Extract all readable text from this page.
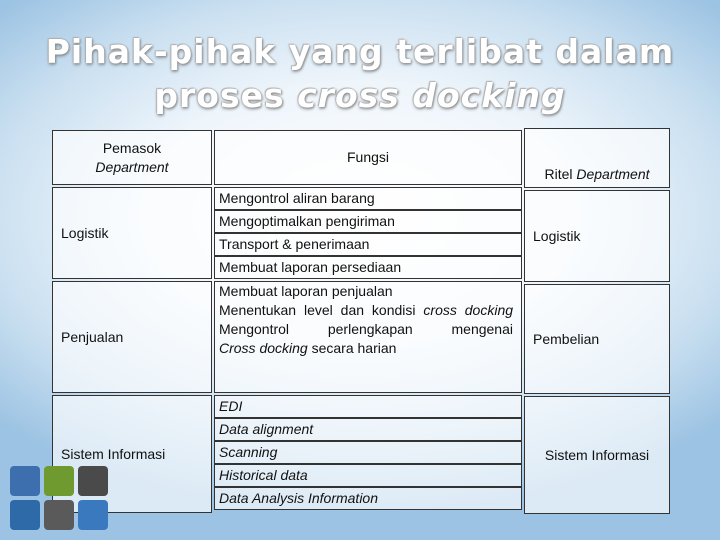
Pihak-pihak yang terlibat dalam
proses cross docking
Pemasok
Department
Fungsi
Ritel Department
Logistik
Mengontrol aliran barang
Mengoptimalkan pengiriman
Transport & penerimaan
Membuat laporan persediaan
Logistik
Penjualan
Membuat laporan penjualan
Menentukan level dan kondisi cross docking
Mengontrol perlengkapan mengenai
Cross docking secara harian
Pembelian
Sistem Informasi
EDI
Data alignment
Scanning
Historical data
Data Analysis Information
Sistem Informasi
